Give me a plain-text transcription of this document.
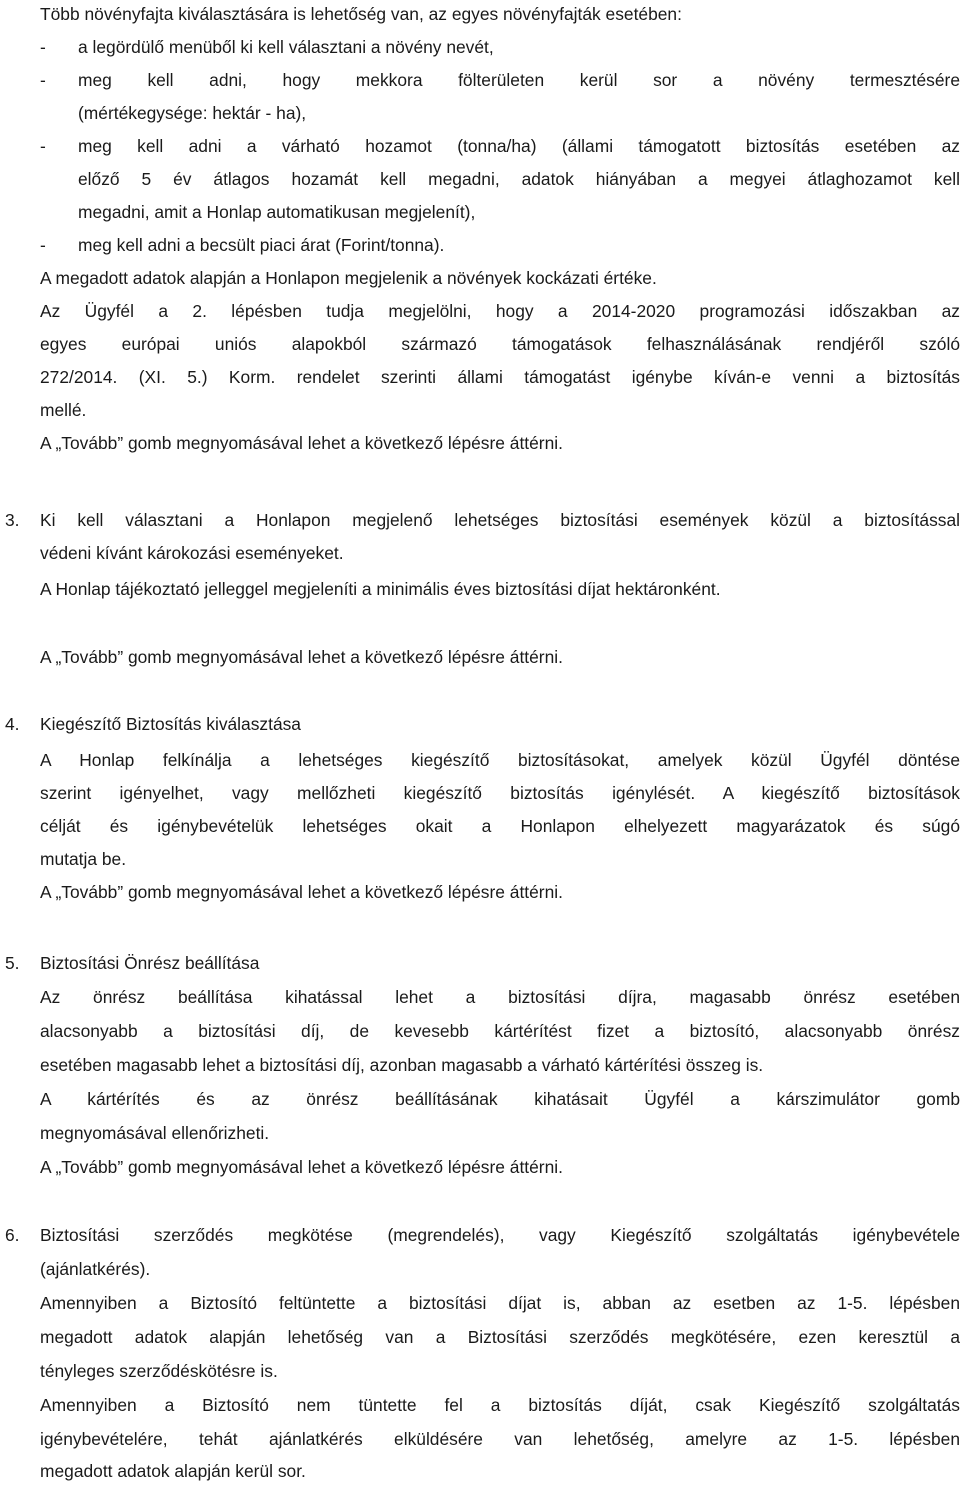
Több növényfajta kiválasztására is lehetőség van, az egyes növényfajták esetében:
- a legördülő menüből ki kell választani a növény nevét,
- meg kell adni, hogy mekkora fölterületen kerül sor a növény termesztésére
(mértékegysége: hektár - ha),
- meg kell adni a várható hozamot (tonna/ha) (állami támogatott biztosítás esetében az
előző 5 év átlagos hozamát kell megadni, adatok hiányában a megyei átlaghozamot kell
megadni, amit a Honlap automatikusan megjelenít),
- meg kell adni a becsült piaci árat (Forint/tonna).
A megadott adatok alapján a Honlapon megjelenik a növények kockázati értéke.
Az Ügyfél a 2. lépésben tudja megjelölni, hogy a 2014-2020 programozási időszakban az
egyes európai uniós alapokból származó támogatások felhasználásának rendjéről szóló
272/2014. (XI. 5.) Korm. rendelet szerinti állami támogatást igénybe kíván-e venni a biztosítás
mellé.
A „Tovább” gomb megnyomásával lehet a következő lépésre áttérni.
3. Ki kell választani a Honlapon megjelenő lehetséges biztosítási események közül a biztosítással
védeni kívánt károkozási eseményeket.
A Honlap tájékoztató jelleggel megjeleníti a minimális éves biztosítási díjat hektáronként.
A „Tovább” gomb megnyomásával lehet a következő lépésre áttérni.
4. Kiegészítő Biztosítás kiválasztása
A Honlap felkínálja a lehetséges kiegészítő biztosításokat, amelyek közül Ügyfél döntése
szerint igényelhet, vagy mellőzheti kiegészítő biztosítás igénylését. A kiegészítő biztosítások
célját és igénybevételük lehetséges okait a Honlapon elhelyezett magyarázatok és súgó
mutatja be.
A „Tovább” gomb megnyomásával lehet a következő lépésre áttérni.
5. Biztosítási Önrész beállítása
Az önrész beállítása kihatással lehet a biztosítási díjra, magasabb önrész esetében
alacsonyabb a biztosítási díj, de kevesebb kártérítést fizet a biztosító, alacsonyabb önrész
esetében magasabb lehet a biztosítási díj, azonban magasabb a várható kártérítési összeg is.
A kártérítés és az önrész beállításának kihatásait Ügyfél a kárszimulátor gomb
megnyomásával ellenőrizheti.
A „Tovább” gomb megnyomásával lehet a következő lépésre áttérni.
6. Biztosítási szerződés megkötése (megrendelés), vagy Kiegészítő szolgáltatás igénybevétele
(ajánlatkérés).
Amennyiben a Biztosító feltüntette a biztosítási díjat is, abban az esetben az 1-5. lépésben
megadott adatok alapján lehetőség van a Biztosítási szerződés megkötésére, ezen keresztül a
tényleges szerződéskötésre is.
Amennyiben a Biztosító nem tüntette fel a biztosítás díját, csak Kiegészítő szolgáltatás
igénybevételére, tehát ajánlatkérés elküldésére van lehetőség, amelyre az 1-5. lépésben
megadott adatok alapján kerül sor.
